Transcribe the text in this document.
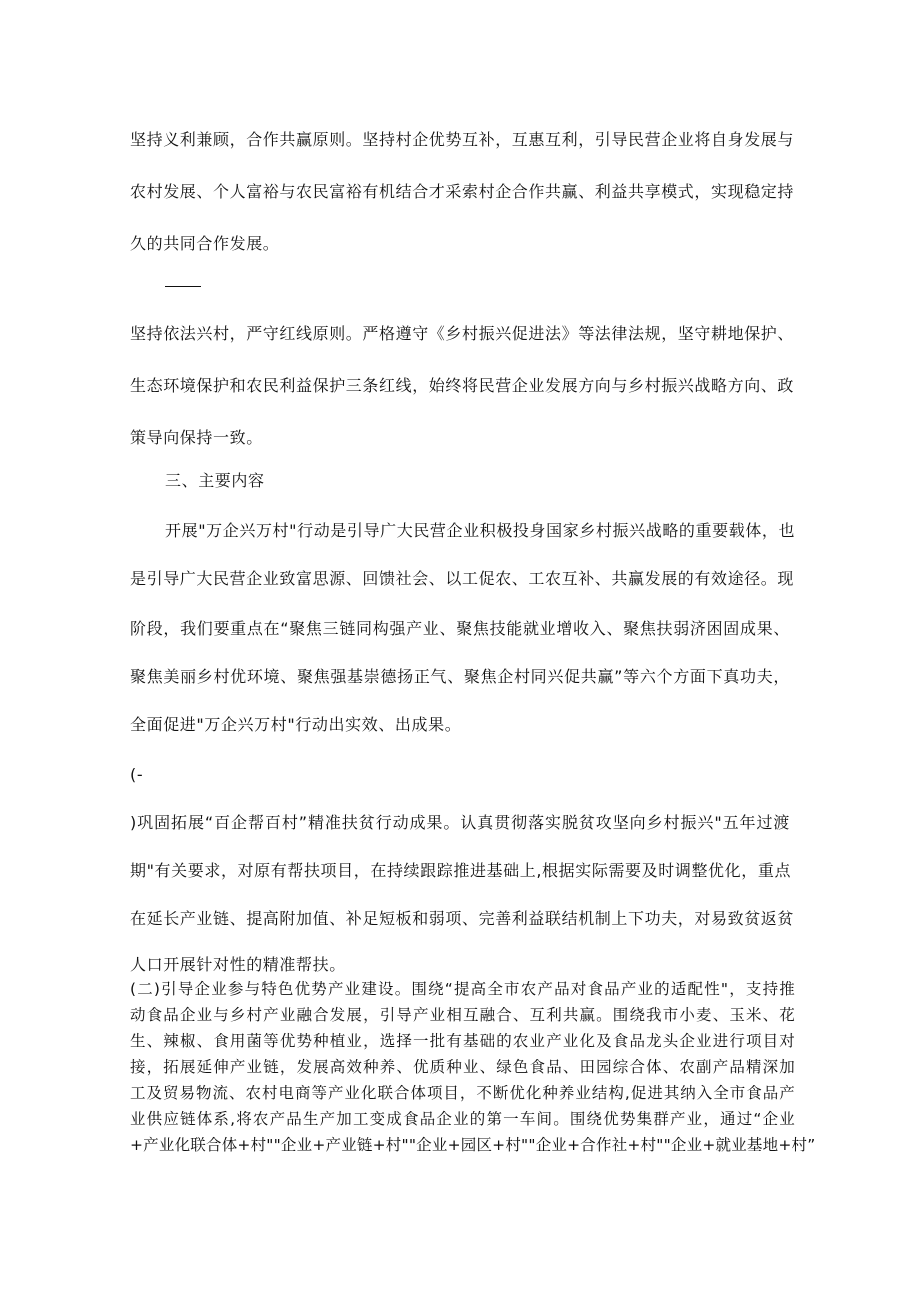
坚持义利兼顾，合作共赢原则。坚持村企优势互补，互惠互利，引导民营企业将自身发展与
农村发展、个人富裕与农民富裕有机结合才采索村企合作共赢、利益共享模式，实现稳定持
久的共同合作发展。
坚持依法兴村，严守红线原则。严格遵守《乡村振兴促进法》等法律法规，坚守耕地保护、
生态环境保护和农民利益保护三条红线，始终将民营企业发展方向与乡村振兴战略方向、政
策导向保持一致。
三、主要内容
开展"万企兴万村"行动是引导广大民营企业积极投身国家乡村振兴战略的重要载体，也
是引导广大民营企业致富思源、回馈社会、以工促农、工农互补、共赢发展的有效途径。现
阶段，我们要重点在“聚焦三链同构强产业、聚焦技能就业增收入、聚焦扶弱济困固成果、
聚焦美丽乡村优环境、聚焦强基崇德扬正气、聚焦企村同兴促共赢”等六个方面下真功夫，
全面促进"万企兴万村"行动出实效、出成果。
(-
)巩固拓展“百企帮百村”精准扶贫行动成果。认真贯彻落实脱贫攻坚向乡村振兴"五年过渡
期"有关要求，对原有帮扶项目，在持续跟踪推进基础上,根据实际需要及时调整优化，重点
在延长产业链、提高附加值、补足短板和弱项、完善利益联结机制上下功夫，对易致贫返贫
人口开展针对性的精准帮扶。
(二)引导企业参与特色优势产业建设。围绕“提高全市农产品对食品产业的适配性"，支持推
动食品企业与乡村产业融合发展，引导产业相互融合、互利共赢。围绕我市小麦、玉米、花
生、辣椒、食用菌等优势种植业，选择一批有基础的农业产业化及食品龙头企业进行项目对
接，拓展延伸产业链，发展高效种养、优质种业、绿色食品、田园综合体、农副产品精深加
工及贸易物流、农村电商等产业化联合体项目，不断优化种养业结构,促进其纳入全市食品产
业供应链体系,将农产品生产加工变成食品企业的第一车间。围绕优势集群产业，通过“企业
+产业化联合体+村""企业+产业链+村""企业+园区+村""企业+合作社+村""企业+就业基地+村”
